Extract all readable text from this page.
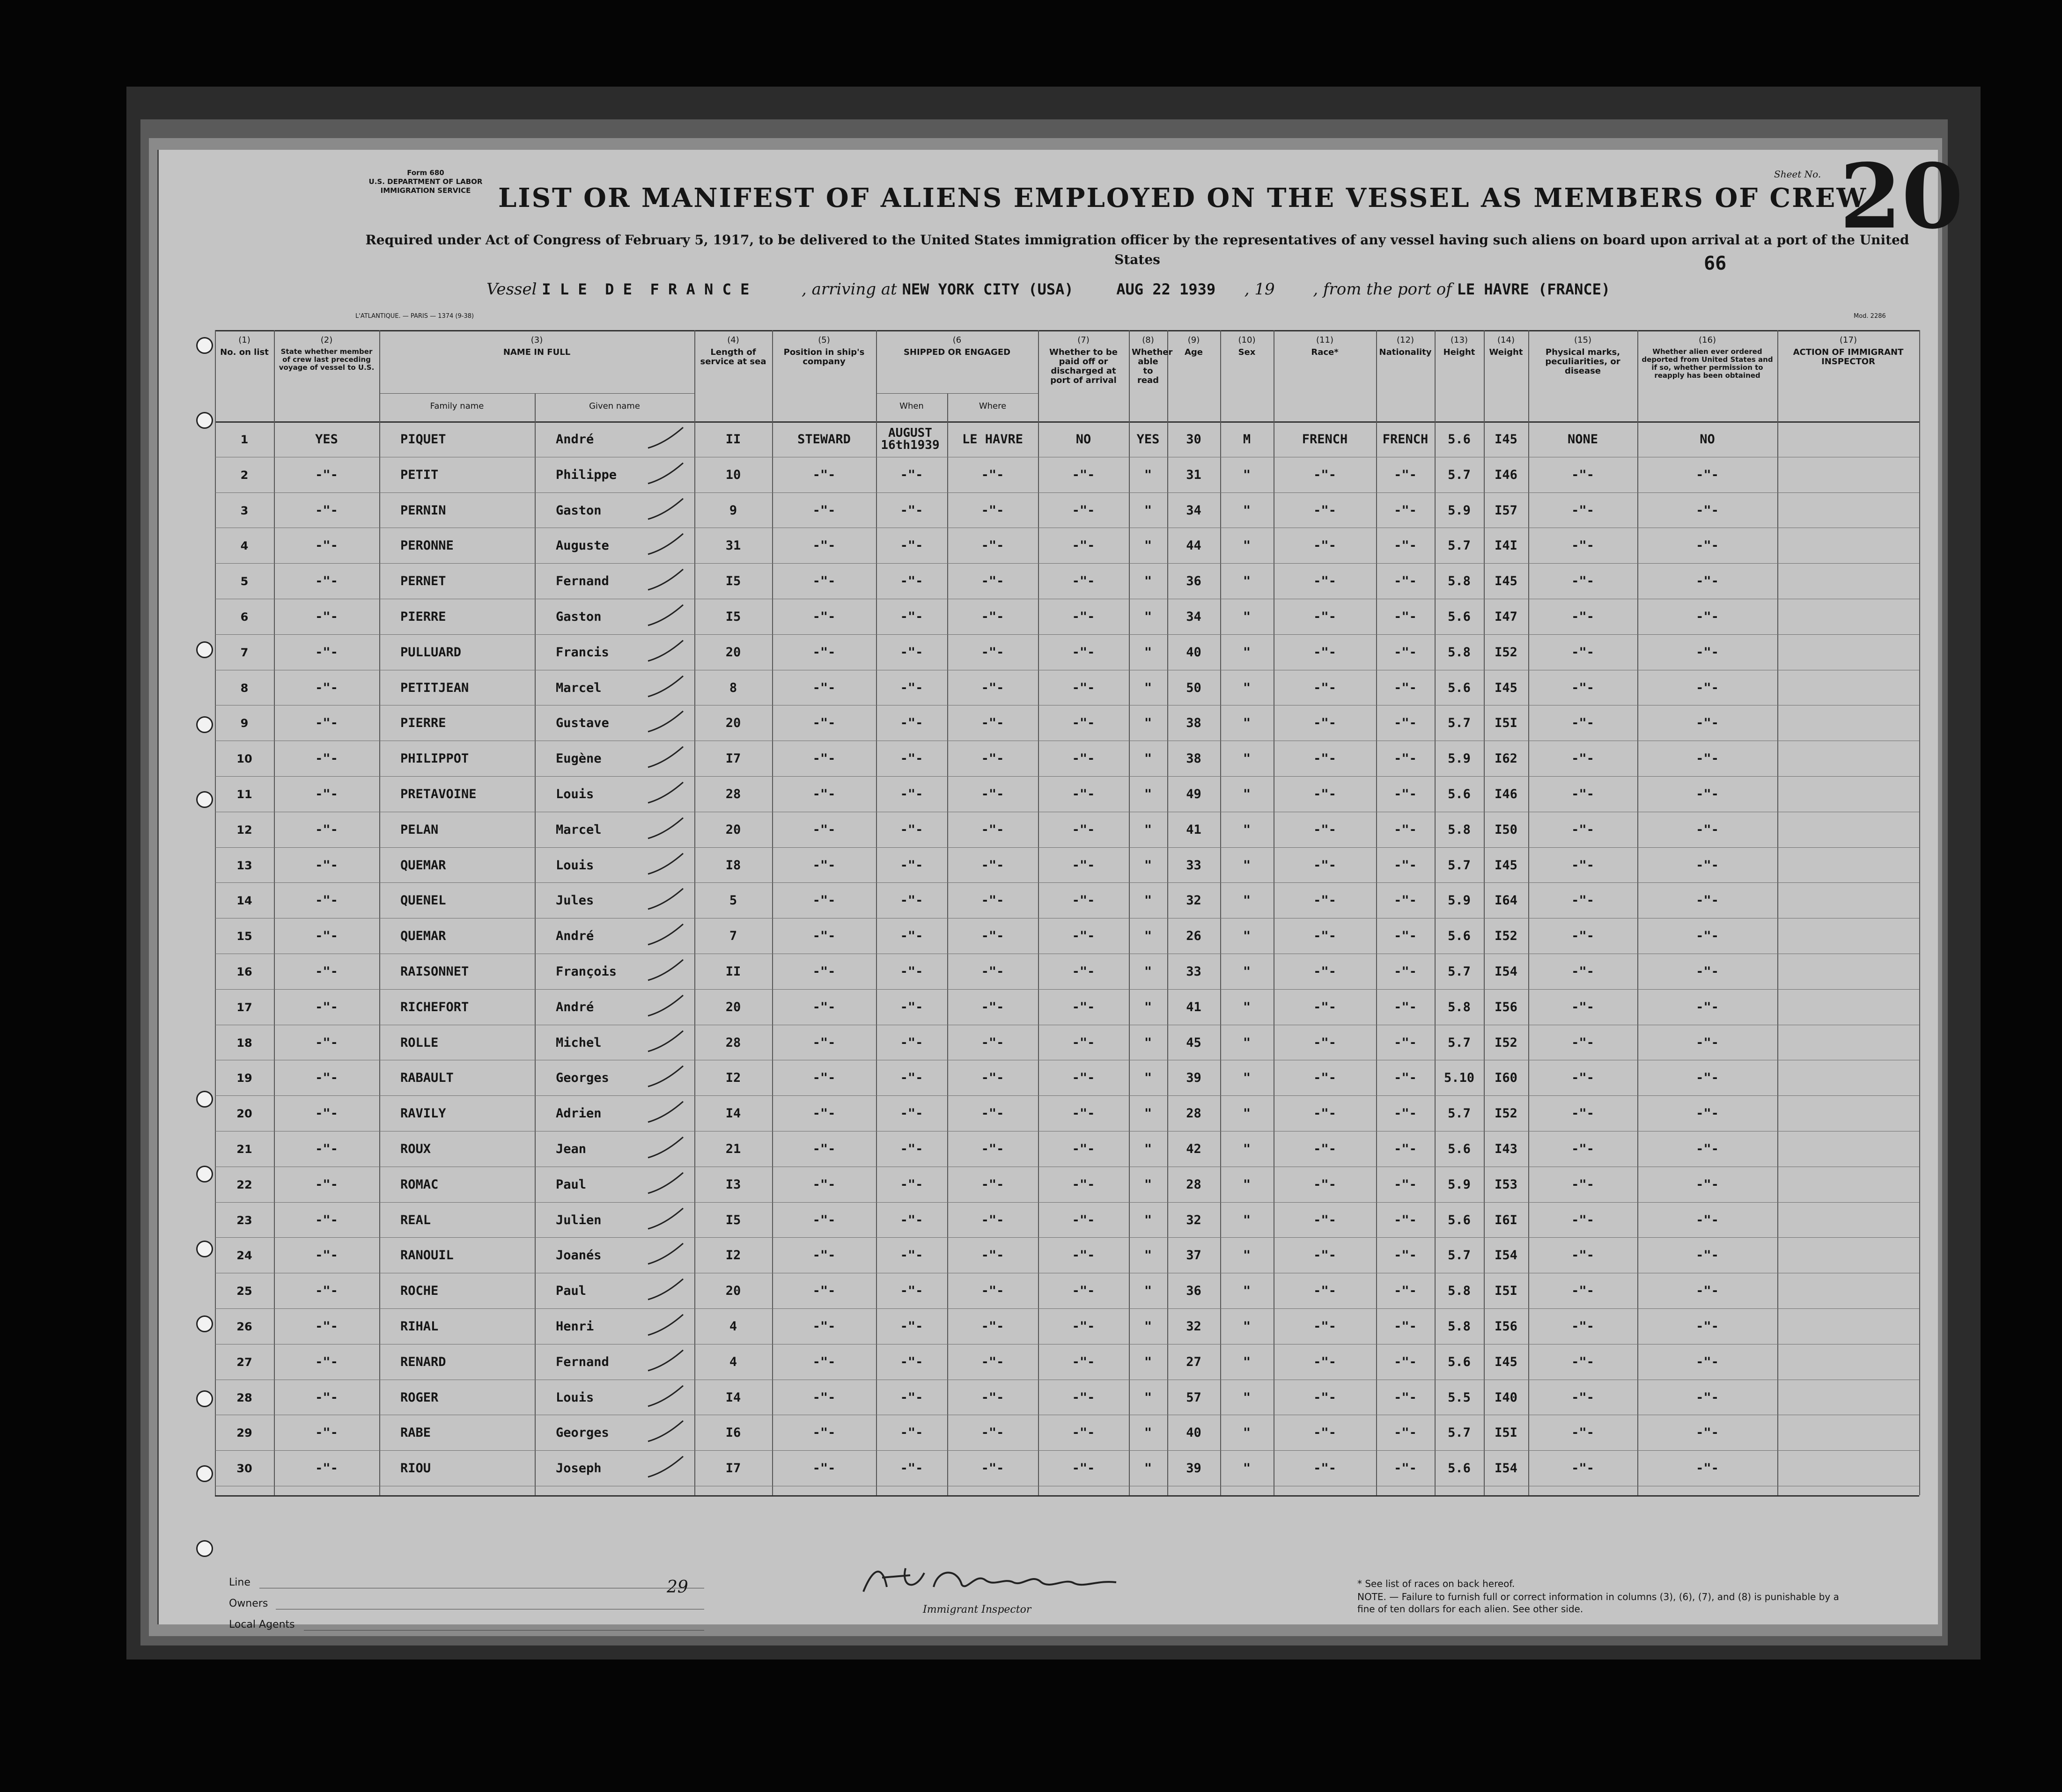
Form 680
U.S. DEPARTMENT OF LABOR
IMMIGRATION SERVICE	LIST OR MANIFEST OF ALIENS EMPLOYED ON THE VESSEL AS MEMBERS OF CREW
Sheet No. 20
Required under Act of Congress of February 5, 1917, to be delivered to the United States immigration officer by the representatives of any vessel having such aliens on board upon arrival at a port of the United States	66
Vessel I L E  D E  F R A N C E	, arriving at NEW YORK CITY (USA)	AUG 22 1939 , 19 , from the port of LE HAVRE (FRANCE)
L'ATLANTIQUE. — PARIS — 1374 (9-38)	Mod. 2286
(1)
No. on list
(2)
State whether member of crew last preceding voyage of vessel to U.S.
(3)
NAME IN FULL
Family name	Given name
(4)
Length of service at sea
(5)
Position in ship's company
(6
SHIPPED OR ENGAGED
When	Where
(7)
Whether to be paid off or discharged at port of arrival
(8)
Whether able to read
(9)
Age
(10)
Sex
(11)
Race*
(12)
Nationality
(13)
Height
(14)
Weight
(15)
Physical marks, peculiarities, or disease
(16)
Whether alien ever ordered deported from United States and if so, whether permission to reapply has been obtained
(17)
ACTION OF IMMIGRANT INSPECTOR
1	YES	PIQUET	André	II	STEWARD	AUGUST 16th1939	LE HAVRE	NO	YES	30	M	FRENCH	FRENCH	5.6	I45	NONE	NO
2	-"-	PETIT	Philippe	10	-"-	-"-	-"-	-"-	"	31	"	-"-	-"-	5.7	I46	-"-	-"-
3	-"-	PERNIN	Gaston	9	-"-	-"-	-"-	-"-	"	34	"	-"-	-"-	5.9	I57	-"-	-"-
4	-"-	PERONNE	Auguste	31	-"-	-"-	-"-	-"-	"	44	"	-"-	-"-	5.7	I4I	-"-	-"-
5	-"-	PERNET	Fernand	I5	-"-	-"-	-"-	-"-	"	36	"	-"-	-"-	5.8	I45	-"-	-"-
6	-"-	PIERRE	Gaston	I5	-"-	-"-	-"-	-"-	"	34	"	-"-	-"-	5.6	I47	-"-	-"-
7	-"-	PULLUARD	Francis	20	-"-	-"-	-"-	-"-	"	40	"	-"-	-"-	5.8	I52	-"-	-"-
8	-"-	PETITJEAN	Marcel	8	-"-	-"-	-"-	-"-	"	50	"	-"-	-"-	5.6	I45	-"-	-"-
9	-"-	PIERRE	Gustave	20	-"-	-"-	-"-	-"-	"	38	"	-"-	-"-	5.7	I5I	-"-	-"-
10	-"-	PHILIPPOT	Eugène	I7	-"-	-"-	-"-	-"-	"	38	"	-"-	-"-	5.9	I62	-"-	-"-
11	-"-	PRETAVOINE	Louis	28	-"-	-"-	-"-	-"-	"	49	"	-"-	-"-	5.6	I46	-"-	-"-
12	-"-	PELAN	Marcel	20	-"-	-"-	-"-	-"-	"	41	"	-"-	-"-	5.8	I50	-"-	-"-
13	-"-	QUEMAR	Louis	I8	-"-	-"-	-"-	-"-	"	33	"	-"-	-"-	5.7	I45	-"-	-"-
14	-"-	QUENEL	Jules	5	-"-	-"-	-"-	-"-	"	32	"	-"-	-"-	5.9	I64	-"-	-"-
15	-"-	QUEMAR	André	7	-"-	-"-	-"-	-"-	"	26	"	-"-	-"-	5.6	I52	-"-	-"-
16	-"-	RAISONNET	François	II	-"-	-"-	-"-	-"-	"	33	"	-"-	-"-	5.7	I54	-"-	-"-
17	-"-	RICHEFORT	André	20	-"-	-"-	-"-	-"-	"	41	"	-"-	-"-	5.8	I56	-"-	-"-
18	-"-	ROLLE	Michel	28	-"-	-"-	-"-	-"-	"	45	"	-"-	-"-	5.7	I52	-"-	-"-
19	-"-	RABAULT	Georges	I2	-"-	-"-	-"-	-"-	"	39	"	-"-	-"-	5.10	I60	-"-	-"-
20	-"-	RAVILY	Adrien	I4	-"-	-"-	-"-	-"-	"	28	"	-"-	-"-	5.7	I52	-"-	-"-
21	-"-	ROUX	Jean	21	-"-	-"-	-"-	-"-	"	42	"	-"-	-"-	5.6	I43	-"-	-"-
22	-"-	ROMAC	Paul	I3	-"-	-"-	-"-	-"-	"	28	"	-"-	-"-	5.9	I53	-"-	-"-
23	-"-	REAL	Julien	I5	-"-	-"-	-"-	-"-	"	32	"	-"-	-"-	5.6	I6I	-"-	-"-
24	-"-	RANOUIL	Joanés	I2	-"-	-"-	-"-	-"-	"	37	"	-"-	-"-	5.7	I54	-"-	-"-
25	-"-	ROCHE	Paul	20	-"-	-"-	-"-	-"-	"	36	"	-"-	-"-	5.8	I5I	-"-	-"-
26	-"-	RIHAL	Henri	4	-"-	-"-	-"-	-"-	"	32	"	-"-	-"-	5.8	I56	-"-	-"-
27	-"-	RENARD	Fernand	4	-"-	-"-	-"-	-"-	"	27	"	-"-	-"-	5.6	I45	-"-	-"-
28	-"-	ROGER	Louis	I4	-"-	-"-	-"-	-"-	"	57	"	-"-	-"-	5.5	I40	-"-	-"-
29	-"-	RABE	Georges	I6	-"-	-"-	-"-	-"-	"	40	"	-"-	-"-	5.7	I5I	-"-	-"-
30	-"-	RIOU	Joseph	I7	-"-	-"-	-"-	-"-	"	39	"	-"-	-"-	5.6	I54	-"-	-"-
Line
Owners
Local Agents
29
Immigrant Inspector
* See list of races on back hereof.
NOTE. — Failure to furnish full or correct information in columns (3), (6), (7), and (8) is punishable by a fine of ten dollars for each alien. See other side.
